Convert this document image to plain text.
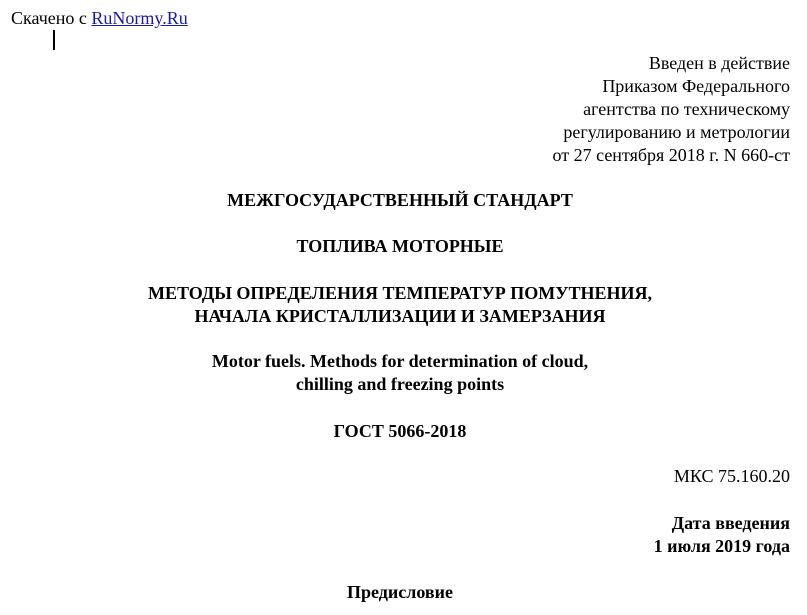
Скачено с RuNormy.Ru
Введен в действие
Приказом Федерального
агентства по техническому
регулированию и метрологии
от 27 сентября 2018 г. N 660-ст
МЕЖГОСУДАРСТВЕННЫЙ СТАНДАРТ
ТОПЛИВА МОТОРНЫЕ
МЕТОДЫ ОПРЕДЕЛЕНИЯ ТЕМПЕРАТУР ПОМУТНЕНИЯ,
НАЧАЛА КРИСТАЛЛИЗАЦИИ И ЗАМЕРЗАНИЯ
Motor fuels. Methods for determination of cloud,
chilling and freezing points
ГОСТ 5066-2018
МКС 75.160.20
Дата введения
1 июля 2019 года
Предисловие
